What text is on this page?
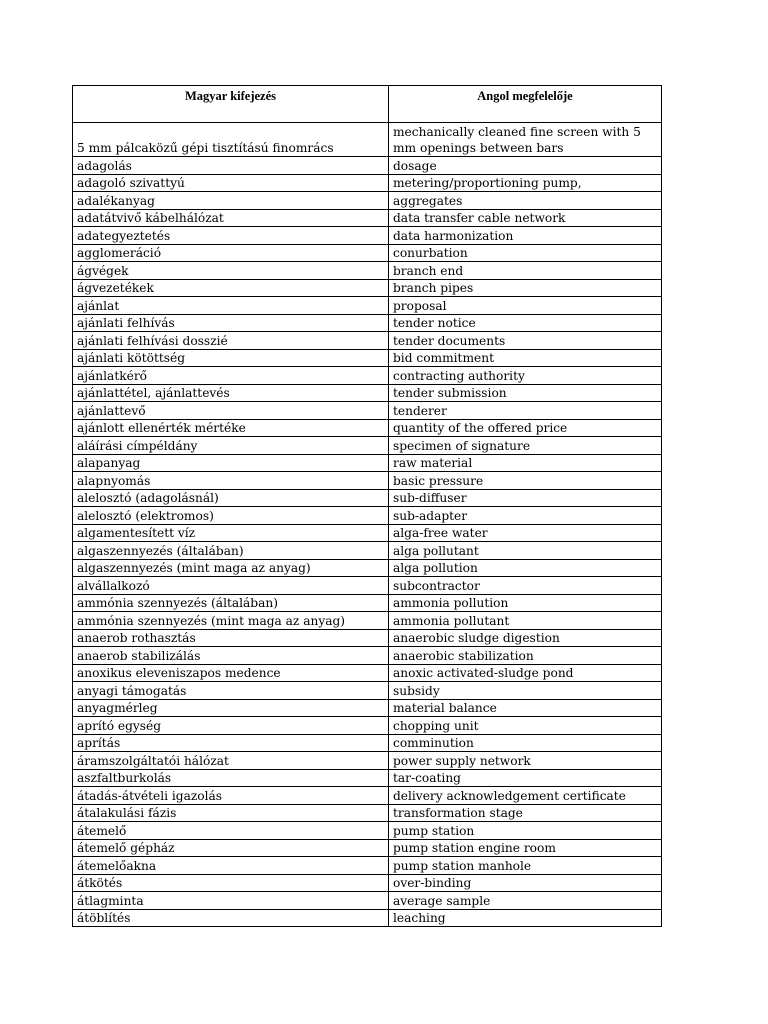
Magyar kifejezés	Angol megfelelője
5 mm pálcaközű gépi tisztítású finomrács	mechanically cleaned fine screen with 5 mm openings between bars
adagolás	dosage
adagoló szivattyú	metering/proportioning pump,
adalékanyag	aggregates
adatátvivő kábelhálózat	data transfer cable network
adategyeztetés	data harmonization
agglomeráció	conurbation
ágvégek	branch end
ágvezetékek	branch pipes
ajánlat	proposal
ajánlati felhívás	tender notice
ajánlati felhívási dosszié	tender documents
ajánlati kötöttség	bid commitment
ajánlatkérő	contracting authority
ajánlattétel, ajánlattevés	tender submission
ajánlattevő	tenderer
ajánlott ellenérték mértéke	quantity of the offered price
aláírási címpéldány	specimen of signature
alapanyag	raw material
alapnyomás	basic pressure
alelosztó (adagolásnál)	sub-diffuser
alelosztó (elektromos)	sub-adapter
algamentesített víz	alga-free water
algaszennyezés (általában)	alga pollutant
algaszennyezés (mint maga az anyag)	alga pollution
alvállalkozó	subcontractor
ammónia szennyezés (általában)	ammonia pollution
ammónia szennyezés (mint maga az anyag)	ammonia pollutant
anaerob rothasztás	anaerobic sludge digestion
anaerob stabilizálás	anaerobic stabilization
anoxikus eleveniszapos medence	anoxic activated-sludge pond
anyagi támogatás	subsidy
anyagmérleg	material balance
aprító egység	chopping unit
aprítás	comminution
áramszolgáltatói hálózat	power supply network
aszfaltburkolás	tar-coating
átadás-átvételi igazolás	delivery acknowledgement certificate
átalakulási fázis	transformation stage
átemelő	pump station
átemelő gépház	pump station engine room
átemelőakna	pump station manhole
átkötés	over-binding
átlagminta	average sample
átöblítés	leaching
